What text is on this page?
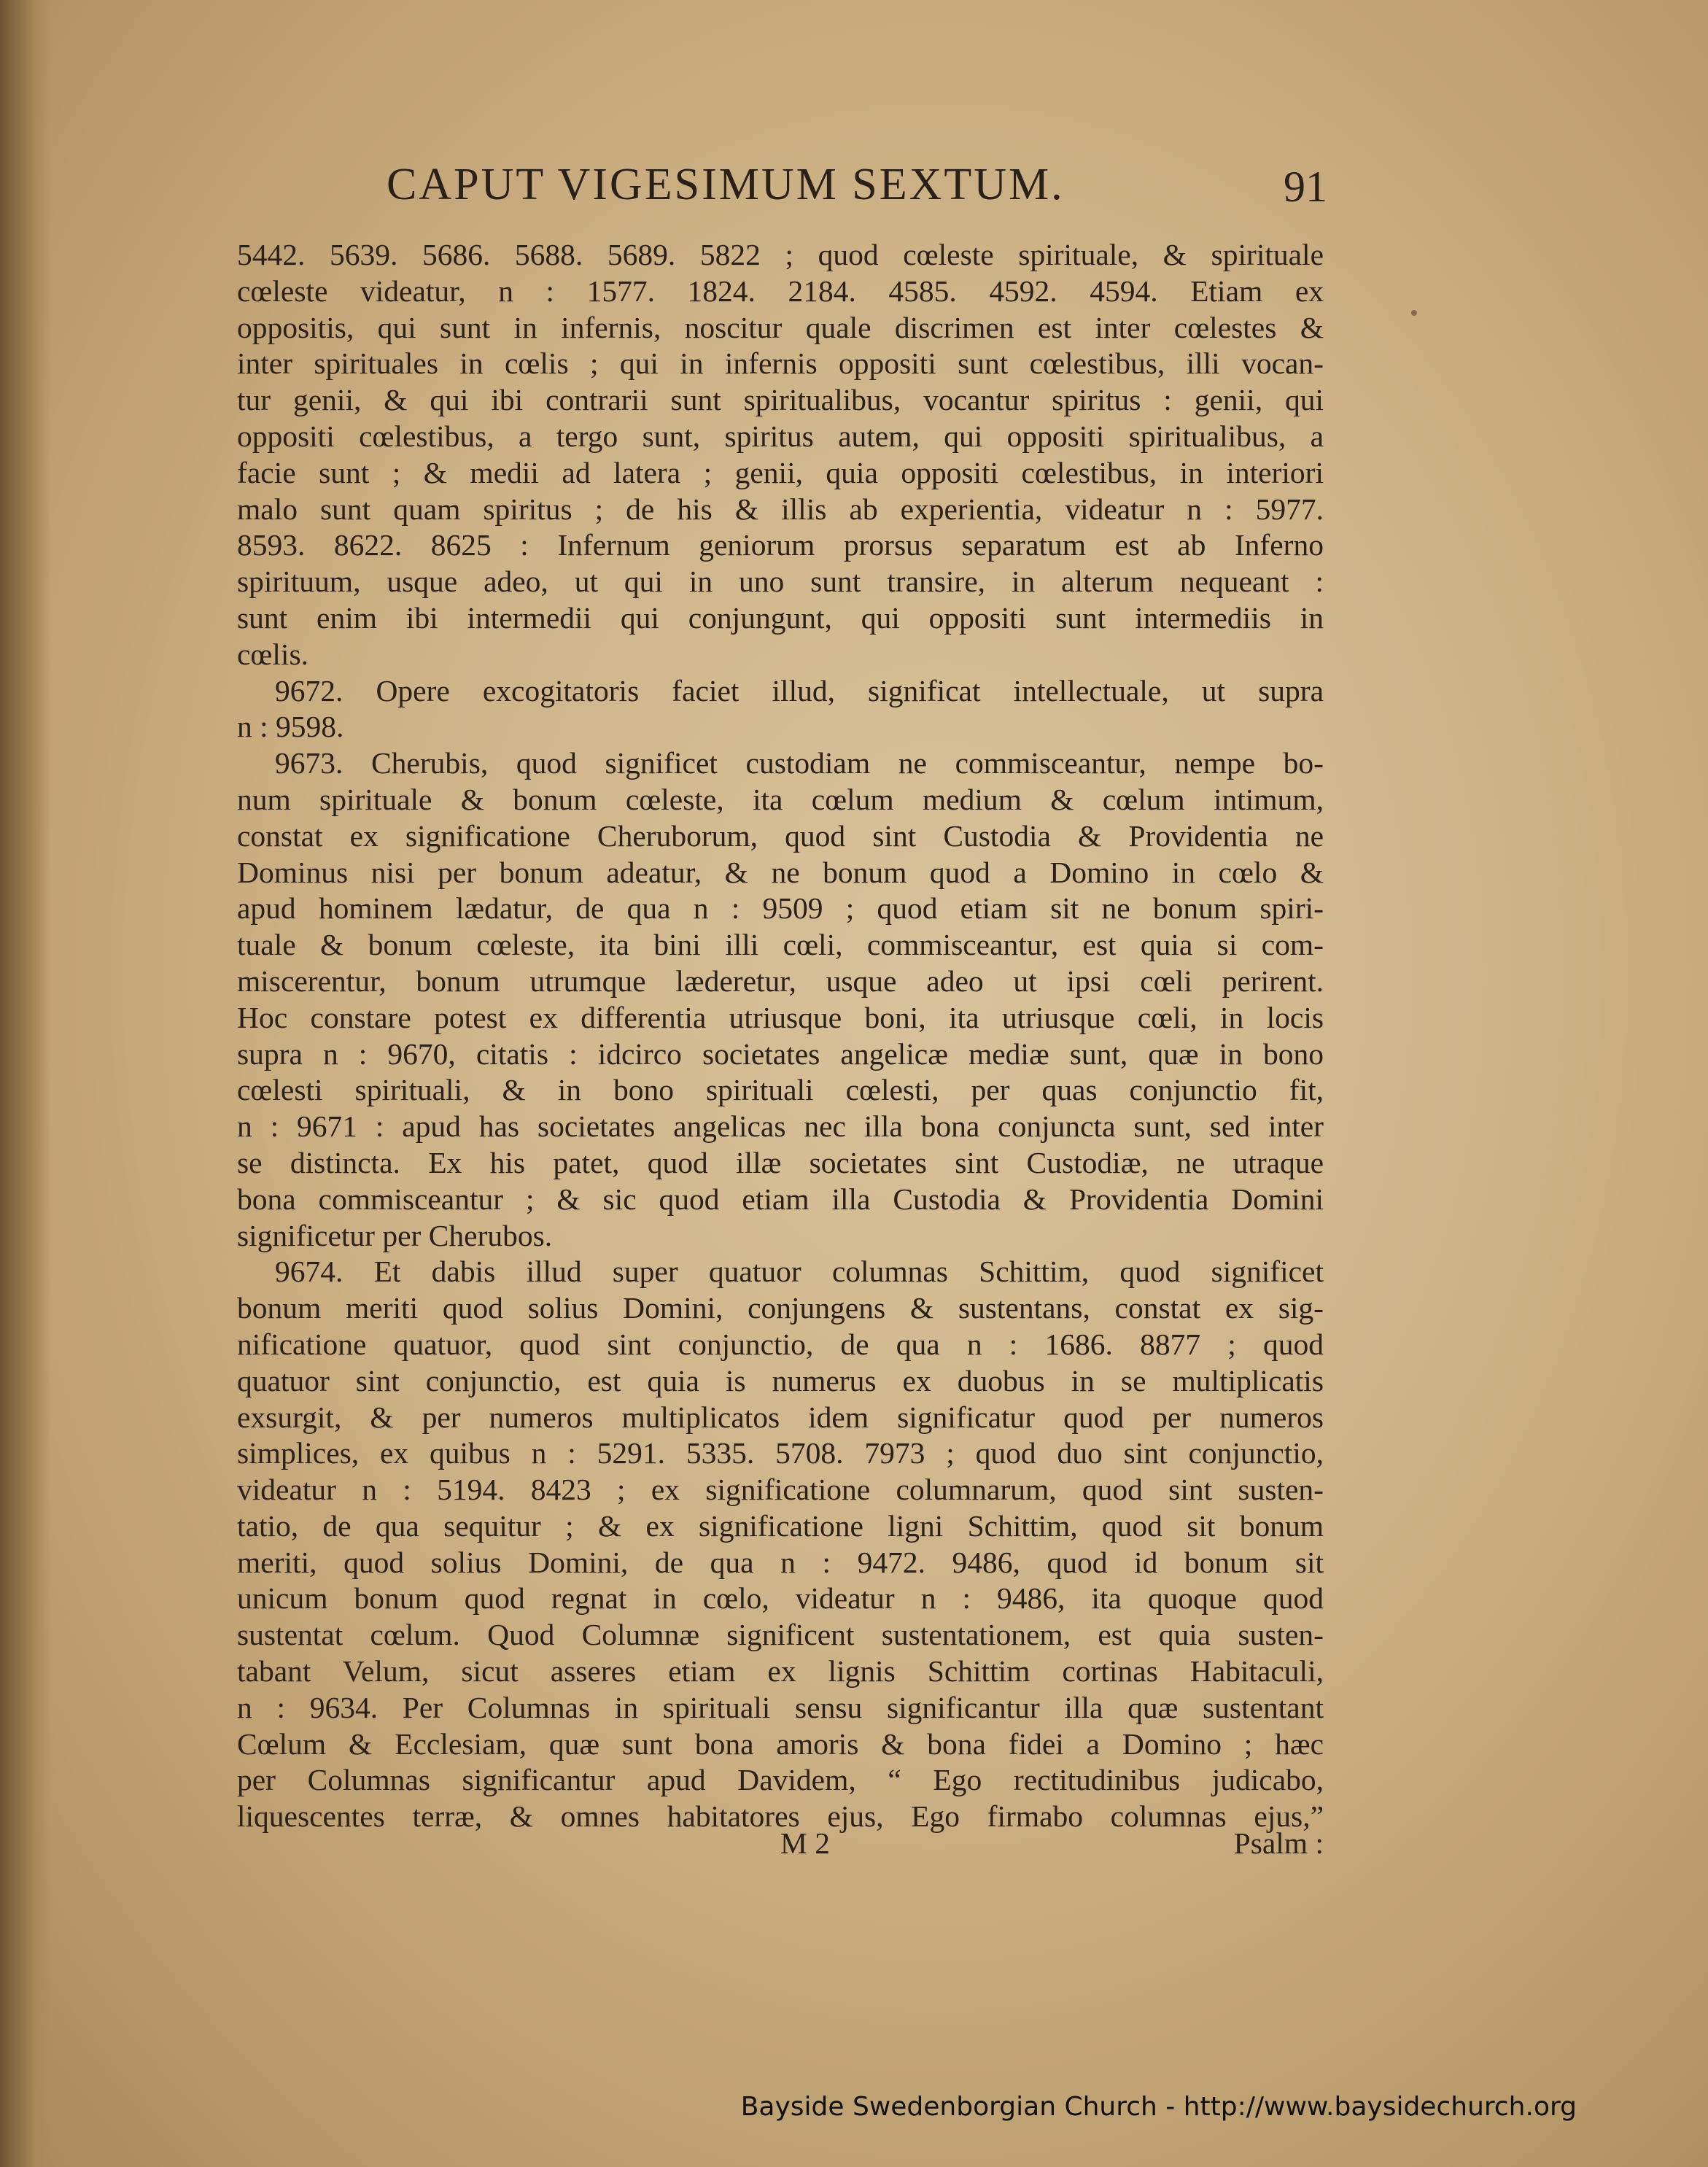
CAPUT VIGESIMUM SEXTUM.	91
5442. 5639. 5686. 5688. 5689. 5822 ; quod cœleste spirituale, & spirituale
cœleste videatur, n : 1577. 1824. 2184. 4585. 4592. 4594. Etiam ex
oppositis, qui sunt in infernis, noscitur quale discrimen est inter cœlestes &
inter spirituales in cœlis ; qui in infernis oppositi sunt cœlestibus, illi vocan-
tur genii, & qui ibi contrarii sunt spiritualibus, vocantur spiritus : genii, qui
oppositi cœlestibus, a tergo sunt, spiritus autem, qui oppositi spiritualibus, a
facie sunt ; & medii ad latera ; genii, quia oppositi cœlestibus, in interiori
malo sunt quam spiritus ; de his & illis ab experientia, videatur n : 5977.
8593. 8622. 8625 : Infernum geniorum prorsus separatum est ab Inferno
spirituum, usque adeo, ut qui in uno sunt transire, in alterum nequeant :
sunt enim ibi intermedii qui conjungunt, qui oppositi sunt intermediis in
cœlis.
9672. Opere excogitatoris faciet illud, significat intellectuale, ut supra
n : 9598.
9673. Cherubis, quod significet custodiam ne commisceantur, nempe bo-
num spirituale & bonum cœleste, ita cœlum medium & cœlum intimum,
constat ex significatione Cheruborum, quod sint Custodia & Providentia ne
Dominus nisi per bonum adeatur, & ne bonum quod a Domino in cœlo &
apud hominem lædatur, de qua n : 9509 ; quod etiam sit ne bonum spiri-
tuale & bonum cœleste, ita bini illi cœli, commisceantur, est quia si com-
miscerentur, bonum utrumque læderetur, usque adeo ut ipsi cœli perirent.
Hoc constare potest ex differentia utriusque boni, ita utriusque cœli, in locis
supra n : 9670, citatis : idcirco societates angelicæ mediæ sunt, quæ in bono
cœlesti spirituali, & in bono spirituali cœlesti, per quas conjunctio fit,
n : 9671 : apud has societates angelicas nec illa bona conjuncta sunt, sed inter
se distincta. Ex his patet, quod illæ societates sint Custodiæ, ne utraque
bona commisceantur ; & sic quod etiam illa Custodia & Providentia Domini
significetur per Cherubos.
9674. Et dabis illud super quatuor columnas Schittim, quod significet
bonum meriti quod solius Domini, conjungens & sustentans, constat ex sig-
nificatione quatuor, quod sint conjunctio, de qua n : 1686. 8877 ; quod
quatuor sint conjunctio, est quia is numerus ex duobus in se multiplicatis
exsurgit, & per numeros multiplicatos idem significatur quod per numeros
simplices, ex quibus n : 5291. 5335. 5708. 7973 ; quod duo sint conjunctio,
videatur n : 5194. 8423 ; ex significatione columnarum, quod sint susten-
tatio, de qua sequitur ; & ex significatione ligni Schittim, quod sit bonum
meriti, quod solius Domini, de qua n : 9472. 9486, quod id bonum sit
unicum bonum quod regnat in cœlo, videatur n : 9486, ita quoque quod
sustentat cœlum. Quod Columnæ significent sustentationem, est quia susten-
tabant Velum, sicut asseres etiam ex lignis Schittim cortinas Habitaculi,
n : 9634. Per Columnas in spirituali sensu significantur illa quæ sustentant
Cœlum & Ecclesiam, quæ sunt bona amoris & bona fidei a Domino ; hæc
per Columnas significantur apud Davidem, “ Ego rectitudinibus judicabo,
liquescentes terræ, & omnes habitatores ejus, Ego firmabo columnas ejus,”
M 2	Psalm :
Bayside Swedenborgian Church - http://www.baysidechurch.org
